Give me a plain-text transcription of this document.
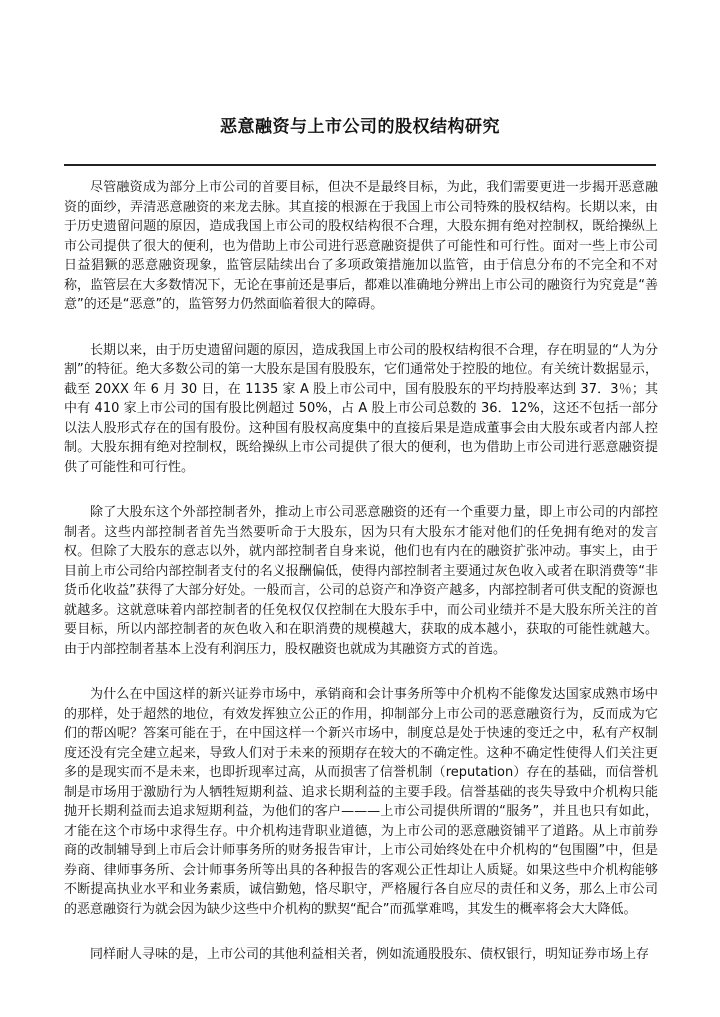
恶意融资与上市公司的股权结构研究

尽管融资成为部分上市公司的首要目标，但决不是最终目标，为此，我们需要更进一步揭开恶意融资的面纱，弄清恶意融资的来龙去脉。其直接的根源在于我国上市公司特殊的股权结构。长期以来，由于历史遗留问题的原因，造成我国上市公司的股权结构很不合理，大股东拥有绝对控制权，既给操纵上市公司提供了很大的便利，也为借助上市公司进行恶意融资提供了可能性和可行性。面对一些上市公司日益猖獗的恶意融资现象，监管层陆续出台了多项政策措施加以监管，由于信息分布的不完全和不对称，监管层在大多数情况下，无论在事前还是事后，都难以准确地分辨出上市公司的融资行为究竟是“善意”的还是“恶意”的，监管努力仍然面临着很大的障碍。

长期以来，由于历史遗留问题的原因，造成我国上市公司的股权结构很不合理，存在明显的“人为分割”的特征。绝大多数公司的第一大股东是国有股股东，它们通常处于控股的地位。有关统计数据显示，截至 20XX 年 6 月 30 日，在 1135 家 A 股上市公司中，国有股股东的平均持股率达到 37．3％；其中有 410 家上市公司的国有股比例超过 50%，占 A 股上市公司总数的 36．12%，这还不包括一部分以法人股形式存在的国有股份。这种国有股权高度集中的直接后果是造成董事会由大股东或者内部人控制。大股东拥有绝对控制权，既给操纵上市公司提供了很大的便利，也为借助上市公司进行恶意融资提供了可能性和可行性。

除了大股东这个外部控制者外，推动上市公司恶意融资的还有一个重要力量，即上市公司的内部控制者。这些内部控制者首先当然要听命于大股东，因为只有大股东才能对他们的任免拥有绝对的发言权。但除了大股东的意志以外，就内部控制者自身来说，他们也有内在的融资扩张冲动。事实上，由于目前上市公司给内部控制者支付的名义报酬偏低，使得内部控制者主要通过灰色收入或者在职消费等“非货币化收益”获得了大部分好处。一般而言，公司的总资产和净资产越多，内部控制者可供支配的资源也就越多。这就意味着内部控制者的任免权仅仅控制在大股东手中，而公司业绩并不是大股东所关注的首要目标，所以内部控制者的灰色收入和在职消费的规模越大，获取的成本越小，获取的可能性就越大。由于内部控制者基本上没有利润压力，股权融资也就成为其融资方式的首选。

为什么在中国这样的新兴证券市场中，承销商和会计事务所等中介机构不能像发达国家成熟市场中的那样，处于超然的地位，有效发挥独立公正的作用，抑制部分上市公司的恶意融资行为，反而成为它们的帮凶呢？答案可能在于，在中国这样一个新兴市场中，制度总是处于快速的变迁之中，私有产权制度还没有完全建立起来，导致人们对于未来的预期存在较大的不确定性。这种不确定性使得人们关注更多的是现实而不是未来，也即折现率过高，从而损害了信誉机制（reputation）存在的基础，而信誉机制是市场用于激励行为人牺牲短期利益、追求长期利益的主要手段。信誉基础的丧失导致中介机构只能抛开长期利益而去追求短期利益，为他们的客户———上市公司提供所谓的“服务”，并且也只有如此，才能在这个市场中求得生存。中介机构违背职业道德，为上市公司的恶意融资铺平了道路。从上市前券商的改制辅导到上市后会计师事务所的财务报告审计，上市公司始终处在中介机构的“包围圈”中，但是券商、律师事务所、会计师事务所等出具的各种报告的客观公正性却让人质疑。如果这些中介机构能够不断提高执业水平和业务素质，诚信勤勉，恪尽职守，严格履行各自应尽的责任和义务，那么上市公司的恶意融资行为就会因为缺少这些中介机构的默契“配合”而孤掌难鸣，其发生的概率将会大大降低。

同样耐人寻味的是，上市公司的其他利益相关者，例如流通股股东、债权银行，明知证券市场上存
